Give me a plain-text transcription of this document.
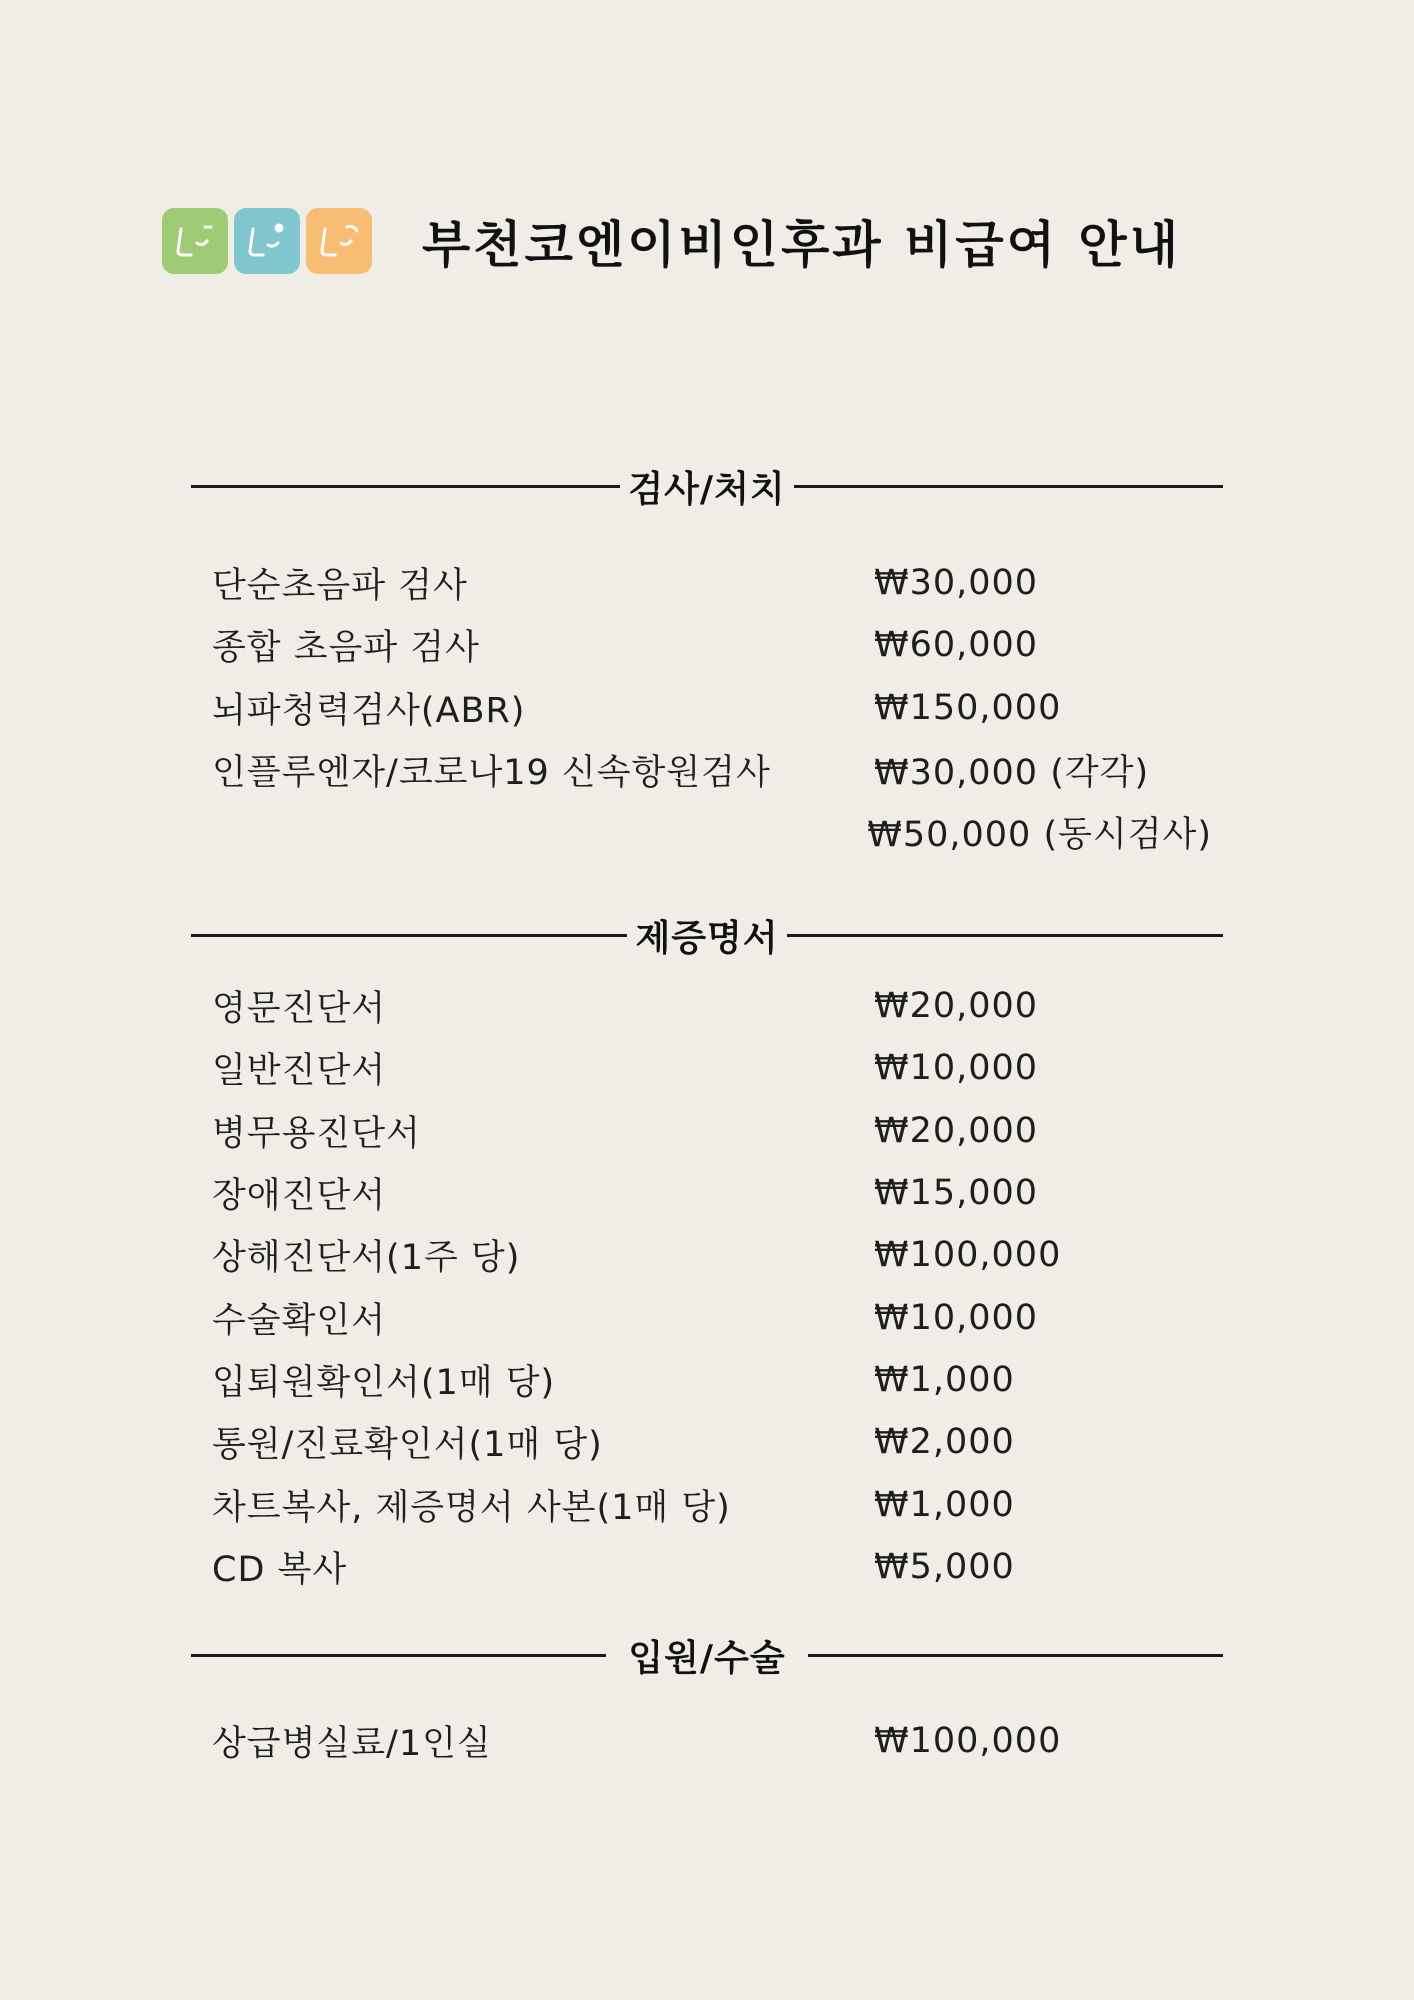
부천코엔이비인후과 비급여 안내
검사/처치
단순초음파 검사	₩30,000
종합 초음파 검사	₩60,000
뇌파청력검사(ABR)	₩150,000
인플루엔자/코로나19 신속항원검사	₩30,000 (각각)
₩50,000 (동시검사)
제증명서
영문진단서	₩20,000
일반진단서	₩10,000
병무용진단서	₩20,000
장애진단서	₩15,000
상해진단서(1주 당)	₩100,000
수술확인서	₩10,000
입퇴원확인서(1매 당)	₩1,000
통원/진료확인서(1매 당)	₩2,000
차트복사, 제증명서 사본(1매 당)	₩1,000
CD 복사	₩5,000
입원/수술
상급병실료/1인실	₩100,000
